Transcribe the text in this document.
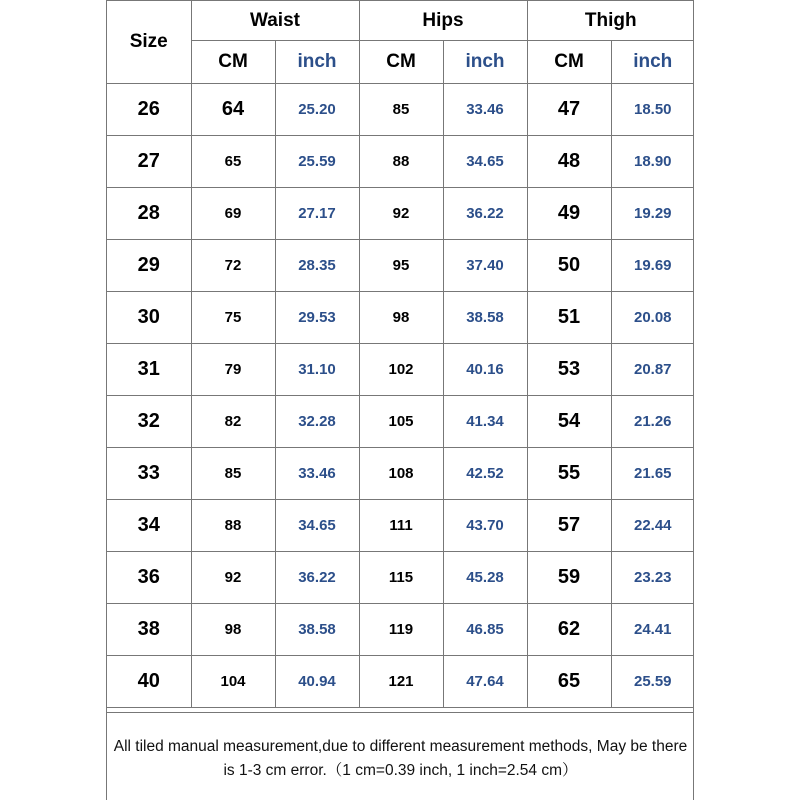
Size	Waist		Hips		Thigh	
	CM	inch	CM	inch	CM	inch
26	64	25.20	85	33.46	47	18.50
27	65	25.59	88	34.65	48	18.90
28	69	27.17	92	36.22	49	19.29
29	72	28.35	95	37.40	50	19.69
30	75	29.53	98	38.58	51	20.08
31	79	31.10	102	40.16	53	20.87
32	82	32.28	105	41.34	54	21.26
33	85	33.46	108	42.52	55	21.65
34	88	34.65	111	43.70	57	22.44
36	92	36.22	115	45.28	59	23.23
38	98	38.58	119	46.85	62	24.41
40	104	40.94	121	47.64	65	25.59
All tiled manual measurement,due to different measurement methods, May be there is 1-3 cm error.（1 cm=0.39 inch, 1 inch=2.54 cm）
